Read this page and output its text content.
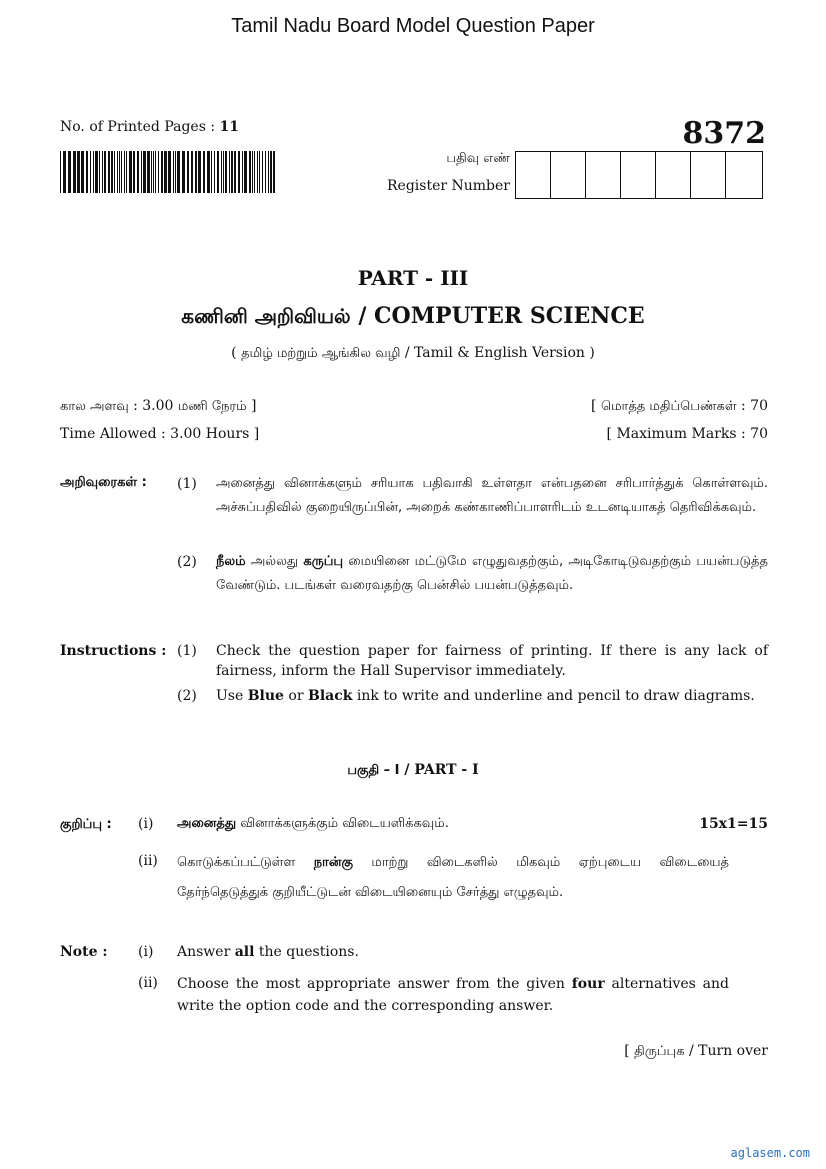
Tamil Nadu Board Model Question Paper
No. of Printed Pages : 11	8372
பதிவு எண்
Register Number
PART - III
கணினி அறிவியல் / COMPUTER SCIENCE
( தமிழ் மற்றும் ஆங்கில வழி / Tamil & English Version )
கால அளவு : 3.00 மணி நேரம் ]	[ மொத்த மதிப்பெண்கள் : 70
Time Allowed : 3.00 Hours ]	[ Maximum Marks : 70
அறிவுரைகள் : (1) அனைத்து வினாக்களும் சரியாக பதிவாகி உள்ளதா என்பதனை சரிபார்த்துக் கொள்ளவும். அச்சுப்பதிவில் குறையிருப்பின், அறைக் கண்காணிப்பாளரிடம் உடனடியாகத் தெரிவிக்கவும்.
(2) நீலம் அல்லது கருப்பு மையினை மட்டுமே எழுதுவதற்கும், அடிகோடிடுவதற்கும் பயன்படுத்த வேண்டும். படங்கள் வரைவதற்கு பென்சில் பயன்படுத்தவும்.
Instructions : (1) Check the question paper for fairness of printing. If there is any lack of fairness, inform the Hall Supervisor immediately.
(2) Use Blue or Black ink to write and underline and pencil to draw diagrams.
பகுதி – I / PART - I
குறிப்பு :	15x1=15
(i) அனைத்து வினாக்களுக்கும் விடையளிக்கவும்.
(ii) கொடுக்கப்பட்டுள்ள நான்கு மாற்று விடைகளில் மிகவும் ஏற்புடைய விடையைத் தேர்ந்தெடுத்துக் குறியீட்டுடன் விடையினையும் சேர்த்து எழுதவும்.
Note : (i) Answer all the questions.
(ii) Choose the most appropriate answer from the given four alternatives and write the option code and the corresponding answer.
[ திருப்புக / Turn over
aglasem.com
